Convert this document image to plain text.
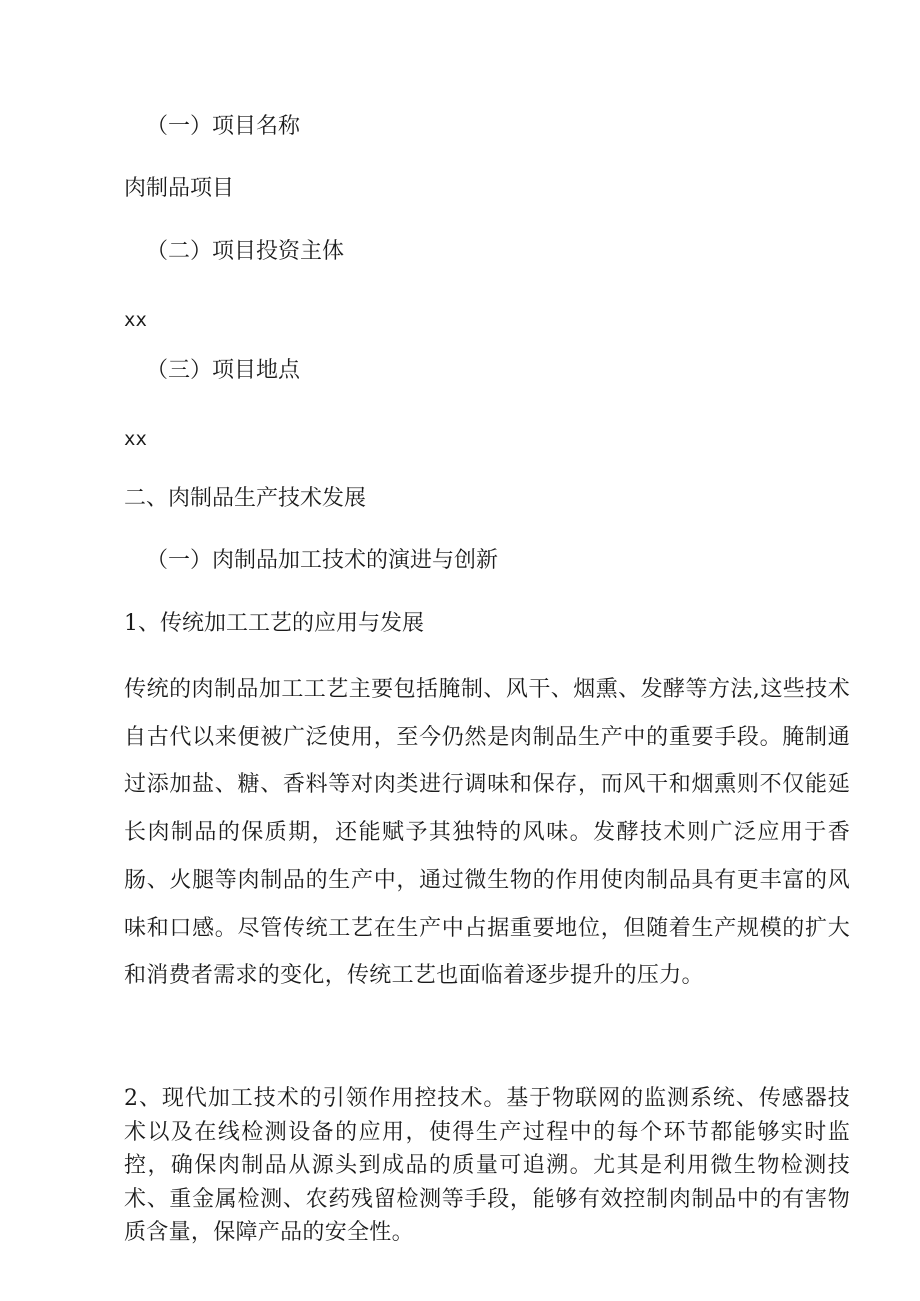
（一）项目名称
肉制品项目
（二）项目投资主体
xx
（三）项目地点
xx
二、肉制品生产技术发展
（一）肉制品加工技术的演进与创新
1、传统加工工艺的应用与发展

传统的肉制品加工工艺主要包括腌制、风干、烟熏、发酵等方法,这些技术自古代以来便被广泛使用，至今仍然是肉制品生产中的重要手段。腌制通过添加盐、糖、香料等对肉类进行调味和保存，而风干和烟熏则不仅能延长肉制品的保质期，还能赋予其独特的风味。发酵技术则广泛应用于香肠、火腿等肉制品的生产中，通过微生物的作用使肉制品具有更丰富的风味和口感。尽管传统工艺在生产中占据重要地位，但随着生产规模的扩大和消费者需求的变化，传统工艺也面临着逐步提升的压力。

2、现代加工技术的引领作用控技术。基于物联网的监测系统、传感器技术以及在线检测设备的应用，使得生产过程中的每个环节都能够实时监控，确保肉制品从源头到成品的质量可追溯。尤其是利用微生物检测技术、重金属检测、农药残留检测等手段，能够有效控制肉制品中的有害物质含量，保障产品的安全性。
